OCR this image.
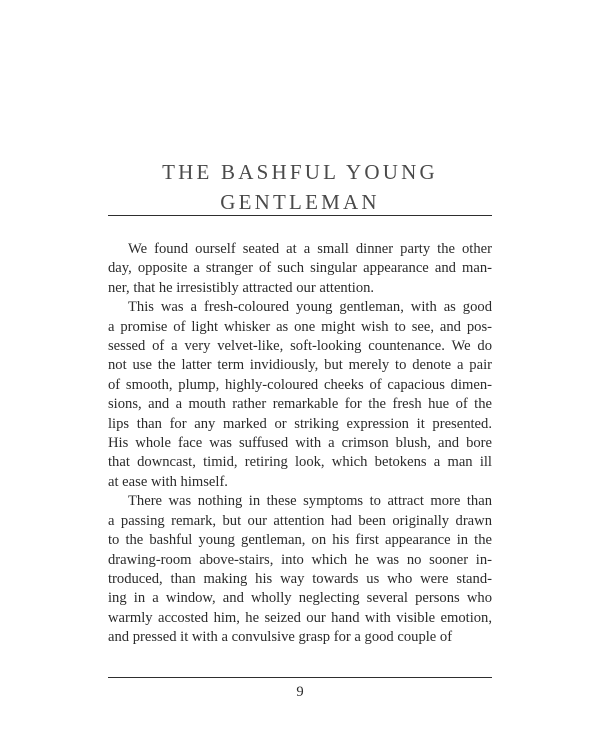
THE BASHFUL YOUNG
GENTLEMAN
We found ourself seated at a small dinner party the other
day, opposite a stranger of such singular appearance and man-
ner, that he irresistibly attracted our attention.
This was a fresh-coloured young gentleman, with as good
a promise of light whisker as one might wish to see, and pos-
sessed of a very velvet-like, soft-looking countenance. We do
not use the latter term invidiously, but merely to denote a pair
of smooth, plump, highly-coloured cheeks of capacious dimen-
sions, and a mouth rather remarkable for the fresh hue of the
lips than for any marked or striking expression it presented.
His whole face was suffused with a crimson blush, and bore
that downcast, timid, retiring look, which betokens a man ill
at ease with himself.
There was nothing in these symptoms to attract more than
a passing remark, but our attention had been originally drawn
to the bashful young gentleman, on his first appearance in the
drawing-room above-stairs, into which he was no sooner in-
troduced, than making his way towards us who were stand-
ing in a window, and wholly neglecting several persons who
warmly accosted him, he seized our hand with visible emotion,
and pressed it with a convulsive grasp for a good couple of
9
